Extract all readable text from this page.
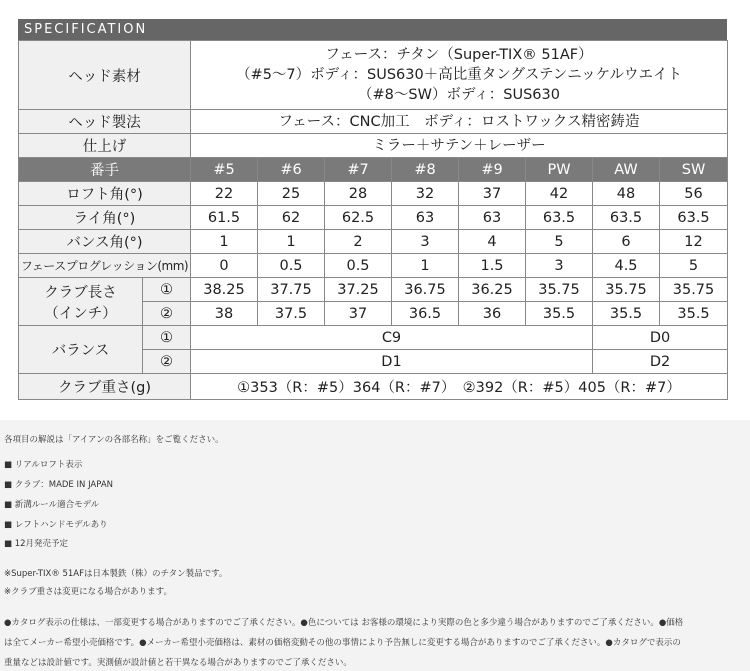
SPECIFICATION
ヘッド素材		フェース：チタン（Super-TIX® 51AF）
（#5～7）ボディ：SUS630＋高比重タングステンニッケルウエイト
（#8～SW）ボディ：SUS630							

ヘッド製法		フェース：CNC加工　ボディ：ロストワックス精密鋳造							
仕上げ		ミラー＋サテン＋レーザー							
番手		#5	#6	#7	#8	#9	PW	AW	SW
ロフト角(°)		22	25	28	32	37	42	48	56
ライ角(°)		61.5	62	62.5	63	63	63.5	63.5	63.5
バンス角(°)		1	1	2	3	4	5	6	12
フェースプログレッション(mm)		0	0.5	0.5	1	1.5	3	4.5	5

クラブ長さ
（インチ）	①	38.25	37.75	37.25	36.75	36.25	35.75	35.75	35.75
	②	38	37.5	37	36.5	36	35.5	35.5	35.5
バランス	①	C9						D0	
	②	D1						D2	
クラブ重さ(g)		①353（R：#5）364（R：#7）　②392（R：#5）405（R：#7）							
各項目の解説は「アイアンの各部名称」をご覧ください。
■ リアルロフト表示
■ クラブ：MADE IN JAPAN
■ 新溝ルール適合モデル
■ レフトハンドモデルあり
■ 12月発売予定
※Super-TIX® 51AFは日本製鉄（株）のチタン製品です。
※クラブ重さは変更になる場合があります。
●カタログ表示の仕様は、一部変更する場合がありますのでご了承ください。●色については お客様の環境により実際の色と多少違う場合がありますのでご了承ください。●価格
は全てメーカー希望小売価格です。●メーカー希望小売価格は、素材の価格変動その他の事情により予告無しに変更する場合がありますのでご了承ください。●カタログで表示の
重量などは設計値です。実測値が設計値と若干異なる場合がありますのでご了承ください。
